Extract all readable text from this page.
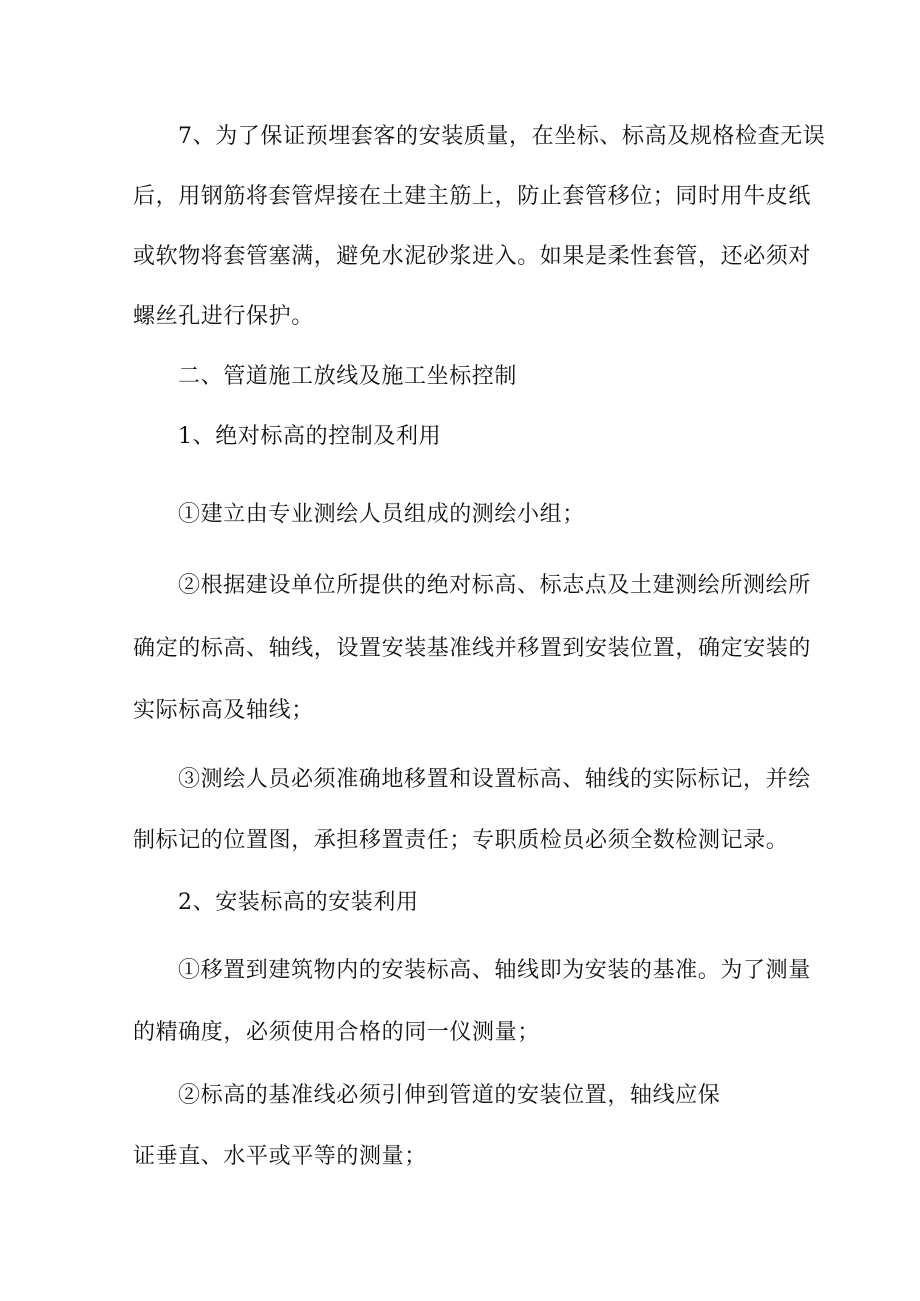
7、为了保证预埋套客的安装质量，在坐标、标高及规格检查无误
后，用钢筋将套管焊接在土建主筋上，防止套管移位；同时用牛皮纸
或软物将套管塞满，避免水泥砂浆进入。如果是柔性套管，还必须对
螺丝孔进行保护。
二、管道施工放线及施工坐标控制
1、绝对标高的控制及利用
①建立由专业测绘人员组成的测绘小组；
②根据建设单位所提供的绝对标高、标志点及土建测绘所测绘所
确定的标高、轴线，设置安装基准线并移置到安装位置，确定安装的
实际标高及轴线；
③测绘人员必须准确地移置和设置标高、轴线的实际标记，并绘
制标记的位置图，承担移置责任；专职质检员必须全数检测记录。
2、安装标高的安装利用
①移置到建筑物内的安装标高、轴线即为安装的基准。为了测量
的精确度，必须使用合格的同一仪测量；
②标高的基准线必须引伸到管道的安装位置，轴线应保
证垂直、水平或平等的测量；
